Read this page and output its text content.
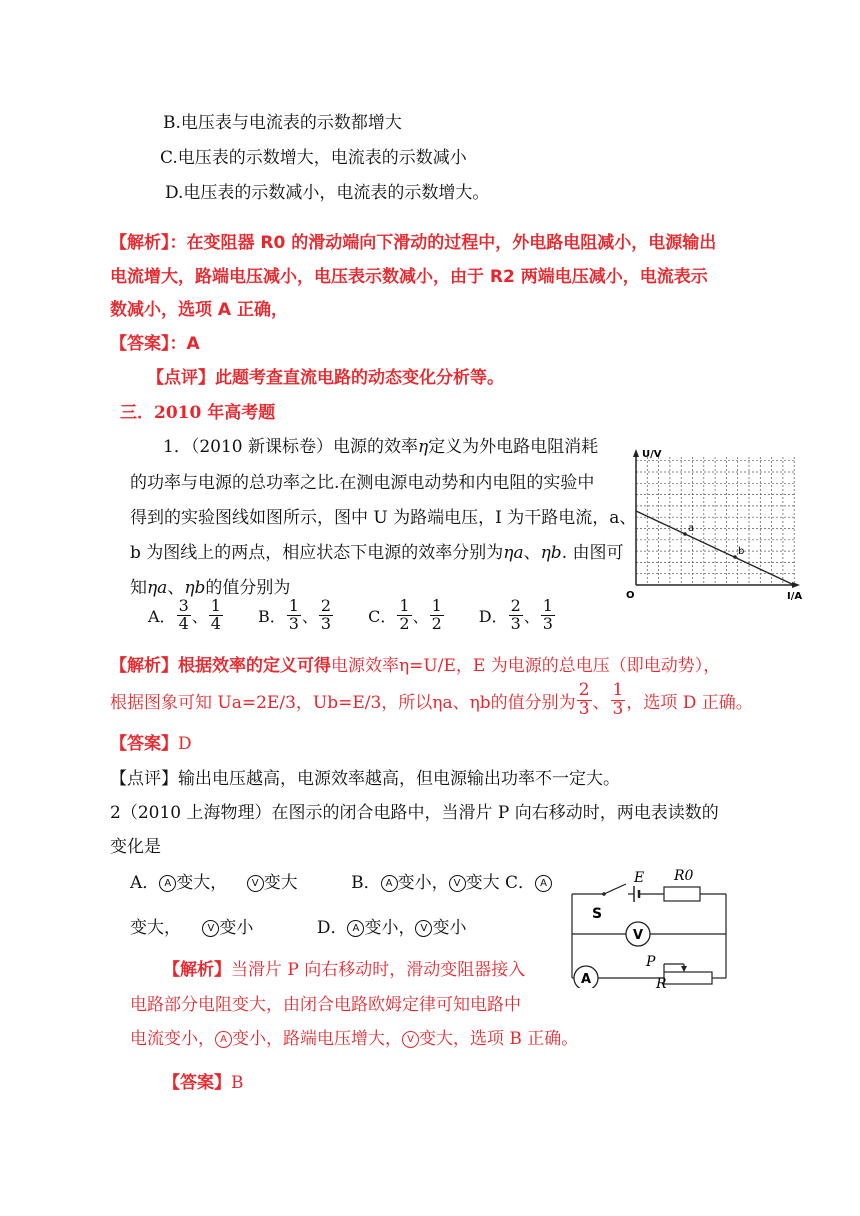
B.电压表与电流表的示数都增大
C.电压表的示数增大，电流表的示数减小
D.电压表的示数减小，电流表的示数增大。
【解析】：在变阻器 R0 的滑动端向下滑动的过程中，外电路电阻减小，电源输出
电流增大，路端电压减小，电压表示数减小，由于 R2 两端电压减小，电流表示
数减小，选项 A 正确，
【答案】：A
【点评】此题考查直流电路的动态变化分析等。
三．2010 年高考题
1．（2010 新课标卷）电源的效率η定义为外电路电阻消耗
的功率与电源的总功率之比.在测电源电动势和内电阻的实验中
得到的实验图线如图所示，图中 U 为路端电压，I 为干路电流，a、
b 为图线上的两点，相应状态下电源的效率分别为ηa、ηb. 由图可
知ηa、ηb的值分别为
A． $\frac{3}{4}$ 、 $\frac{1}{4}$ B． $\frac{1}{3}$ 、 $\frac{2}{3}$ C． $\frac{1}{2}$ 、 $\frac{1}{2}$ D． $\frac{2}{3}$ 、 $\frac{1}{3}$
a
b
U/V
I/A
O
【解析】根据效率的定义可得电源效率η=U/E，E 为电源的总电压（即电动势），
根据图象可知 Ua=2E/3，Ub=E/3，所以ηa、ηb的值分别为 $\frac{2}{3}$ 、 $\frac{1}{3}$ ，选项 D 正确。
【答案】D
【点评】输出电压越高，电源效率越高，但电源输出功率不一定大。
2（2010 上海物理）在图示的闭合电路中，当滑片 P 向右移动时，两电表读数的
变化是
A． A 变大， V 变大	B． A 变小， V 变大 C． A
变大，	V 变小	D． A 变小， V 变小	V
A
E R0
S
P
R
【解析】当滑片 P 向右移动时，滑动变阻器接入
电路部分电阻变大，由闭合电路欧姆定律可知电路中
电流变小， A 变小，路端电压增大， V 变大，选项 B 正确。
【答案】B
